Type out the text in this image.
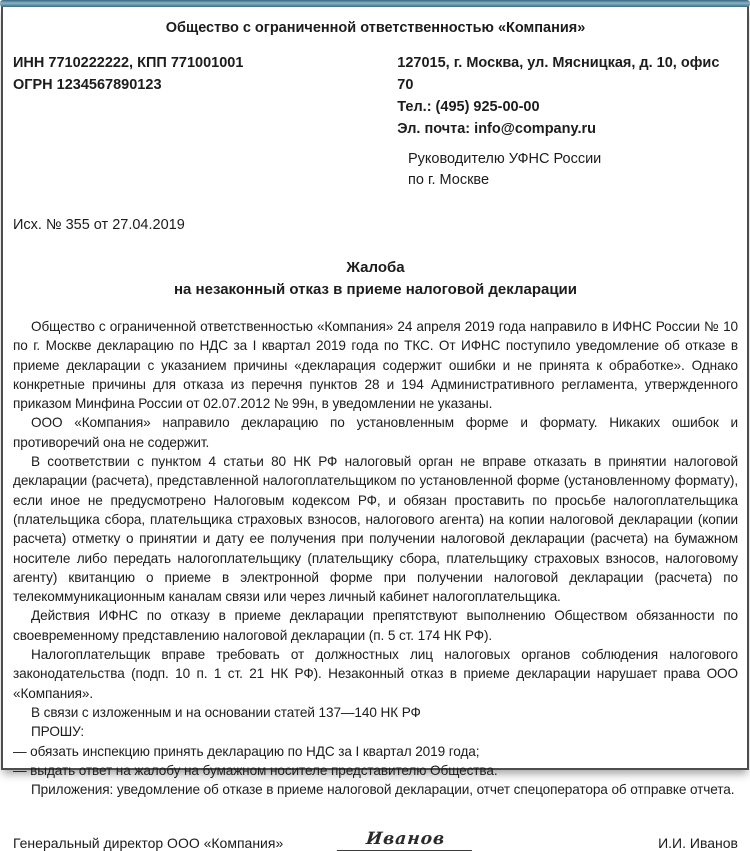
Общество с ограниченной ответственностью «Компания»
ИНН 7710222222, КПП 771001001
ОГРН 1234567890123
127015, г. Москва, ул. Мясницкая, д. 10, офис 70
Тел.: (495) 925-00-00
Эл. почта: info@company.ru
Руководителю УФНС России
по г. Москве
Исх. № 355 от 27.04.2019
Жалоба
на незаконный отказ в приеме налоговой декларации

Общество с ограниченной ответственностью «Компания» 24 апреля 2019 года направило в ИФНС России № 10 по г. Москве декларацию по НДС за I квартал 2019 года по ТКС. От ИФНС поступило уведомление об отказе в приеме декларации с указанием причины «декларация содержит ошибки и не принята к обработке». Однако конкретные причины для отказа из перечня пунктов 28 и 194 Административного регламента, утвержденного приказом Минфина России от 02.07.2012 № 99н, в уведомлении не указаны.

ООО «Компания» направило декларацию по установленным форме и формату. Никаких ошибок и противоречий она не содержит.

В соответствии с пунктом 4 статьи 80 НК РФ налоговый орган не вправе отказать в принятии налоговой декларации (расчета), представленной налогоплательщиком по установленной форме (установленному формату), если иное не предусмотрено Налоговым кодексом РФ, и обязан проставить по просьбе налогоплательщика (плательщика сбора, плательщика страховых взносов, налогового агента) на копии налоговой декларации (копии расчета) отметку о принятии и дату ее получения при получении налоговой декларации (расчета) на бумажном носителе либо передать налогоплательщику (плательщику сбора, плательщику страховых взносов, налоговому агенту) квитанцию о приеме в электронной форме при получении налоговой декларации (расчета) по телекоммуникационным каналам связи или через личный кабинет налогоплательщика.

Действия ИФНС по отказу в приеме декларации препятствуют выполнению Обществом обязанности по своевременному представлению налоговой декларации (п. 5 ст. 174 НК РФ).

Налогоплательщик вправе требовать от должностных лиц налоговых органов соблюдения налогового законодательства (подп. 10 п. 1 ст. 21 НК РФ). Незаконный отказ в приеме декларации нарушает права ООО «Компания».

В связи с изложенным и на основании статей 137—140 НК РФ

ПРОШУ:

— обязать инспекцию принять декларацию по НДС за I квартал 2019 года;

— выдать ответ на жалобу на бумажном носителе представителю Общества.

Приложения: уведомление об отказе в приеме налоговой декларации, отчет спецоператора об отправке отчета.

Генеральный директор ООО «Компания»	Иванов	И.И. Иванов
